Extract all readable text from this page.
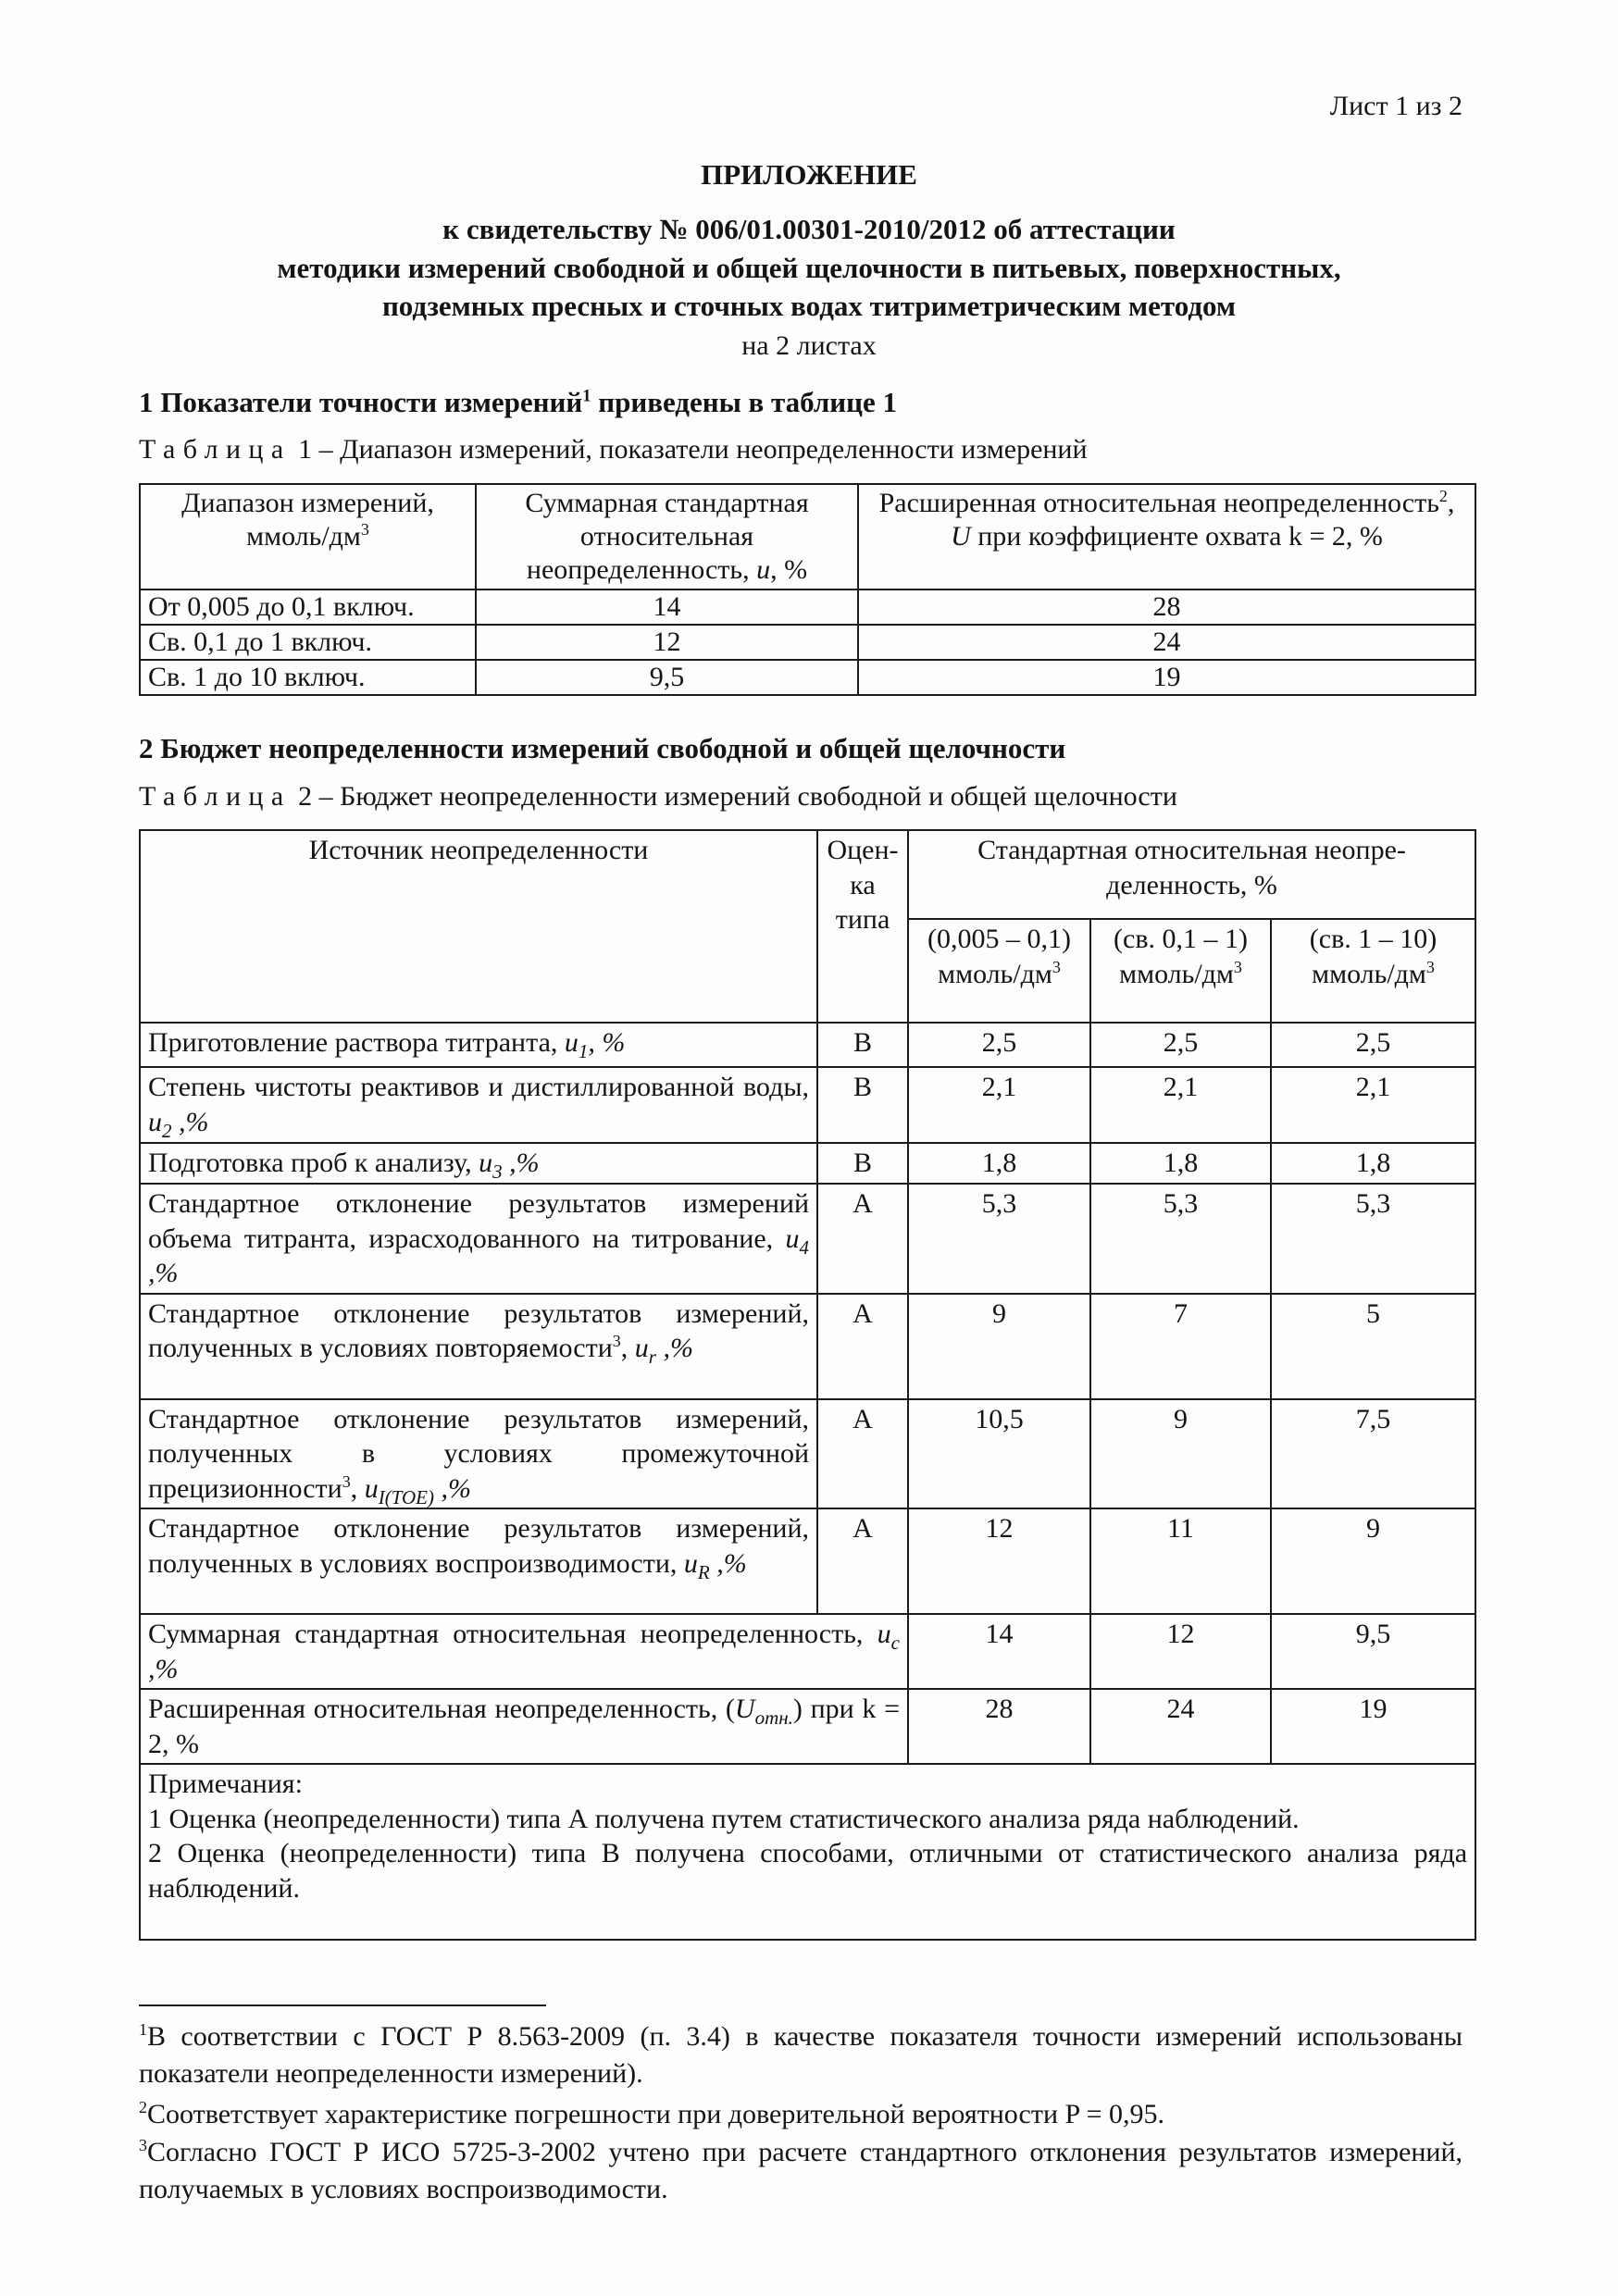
Лист 1 из 2
ПРИЛОЖЕНИЕ
к свидетельству № 006/01.00301-2010/2012 об аттестации
методики измерений свободной и общей щелочности в питьевых, поверхностных,
подземных пресных и сточных водах титриметрическим методом
на 2 листах
1 Показатели точности измерений$^1$ приведены в таблице 1
Таблица 1 – Диапазон измерений, показатели неопределенности измерений
Диапазон измерений, ммоль/$дм^3$	Суммарная стандартная относительная неопределенность, u, %	Расширенная относительная неопределенность$^2$, U при коэффициенте охвата k = 2, %
От 0,005 до 0,1 включ.	14	28
Св. 0,1 до 1 включ.	12	24
Св. 1 до 10 включ.	9,5	19
2 Бюджет неопределенности измерений свободной и общей щелочности
Таблица 2 – Бюджет неопределенности измерений свободной и общей щелочности
Источник неопределенности	Оцен-ка типа	Стандартная относительная неопре-деленность, %		
		(0,005 – 0,1) ммоль/$дм^3$	(св. 0,1 – 1) ммоль/$дм^3$	(св. 1 – 10) ммоль/$дм^3$
Приготовление раствора титранта, $u_1$, %	B	2,5	2,5	2,5
Степень чистоты реактивов и дистиллированной воды, $u_2$ ,%	B	2,1	2,1	2,1
Подготовка проб к анализу, $u_3$ ,%	B	1,8	1,8	1,8
Стандартное отклонение результатов измерений объема титранта, израсходованного на титрование, $u_4$ ,%	A	5,3	5,3	5,3
Стандартное отклонение результатов измерений, полученных в условиях повторяемости$^3$, $u_r$ ,%	A	9	7	5
Стандартное отклонение результатов измерений, полученных в условиях промежуточной прецизионности$^3$, $u_{I(TOE)}$ ,%	A	10,5	9	7,5
Стандартное отклонение результатов измерений, полученных в условиях воспроизводимости, $u_R$ ,%	A	12	11	9
Суммарная стандартная относительная неопределенность, $u_c$ ,%		14	12	9,5
Расширенная относительная неопределенность, $(U_{отн.})$ при k = 2, %		28	24	19

Примечания:
1 Оценка (неопределенности) типа А получена путем статистического анализа ряда наблюдений.
2 Оценка (неопределенности) типа В получена способами, отличными от статистического анализа ряда наблюдений.				
$^1$В соответствии с ГОСТ Р 8.563-2009 (п. 3.4) в качестве показателя точности измерений использованы показатели неопределенности измерений).
$^2$Соответствует характеристике погрешности при доверительной вероятности P = 0,95.
$^3$Согласно ГОСТ Р ИСО 5725-3-2002 учтено при расчете стандартного отклонения результатов измерений, получаемых в условиях воспроизводимости.
